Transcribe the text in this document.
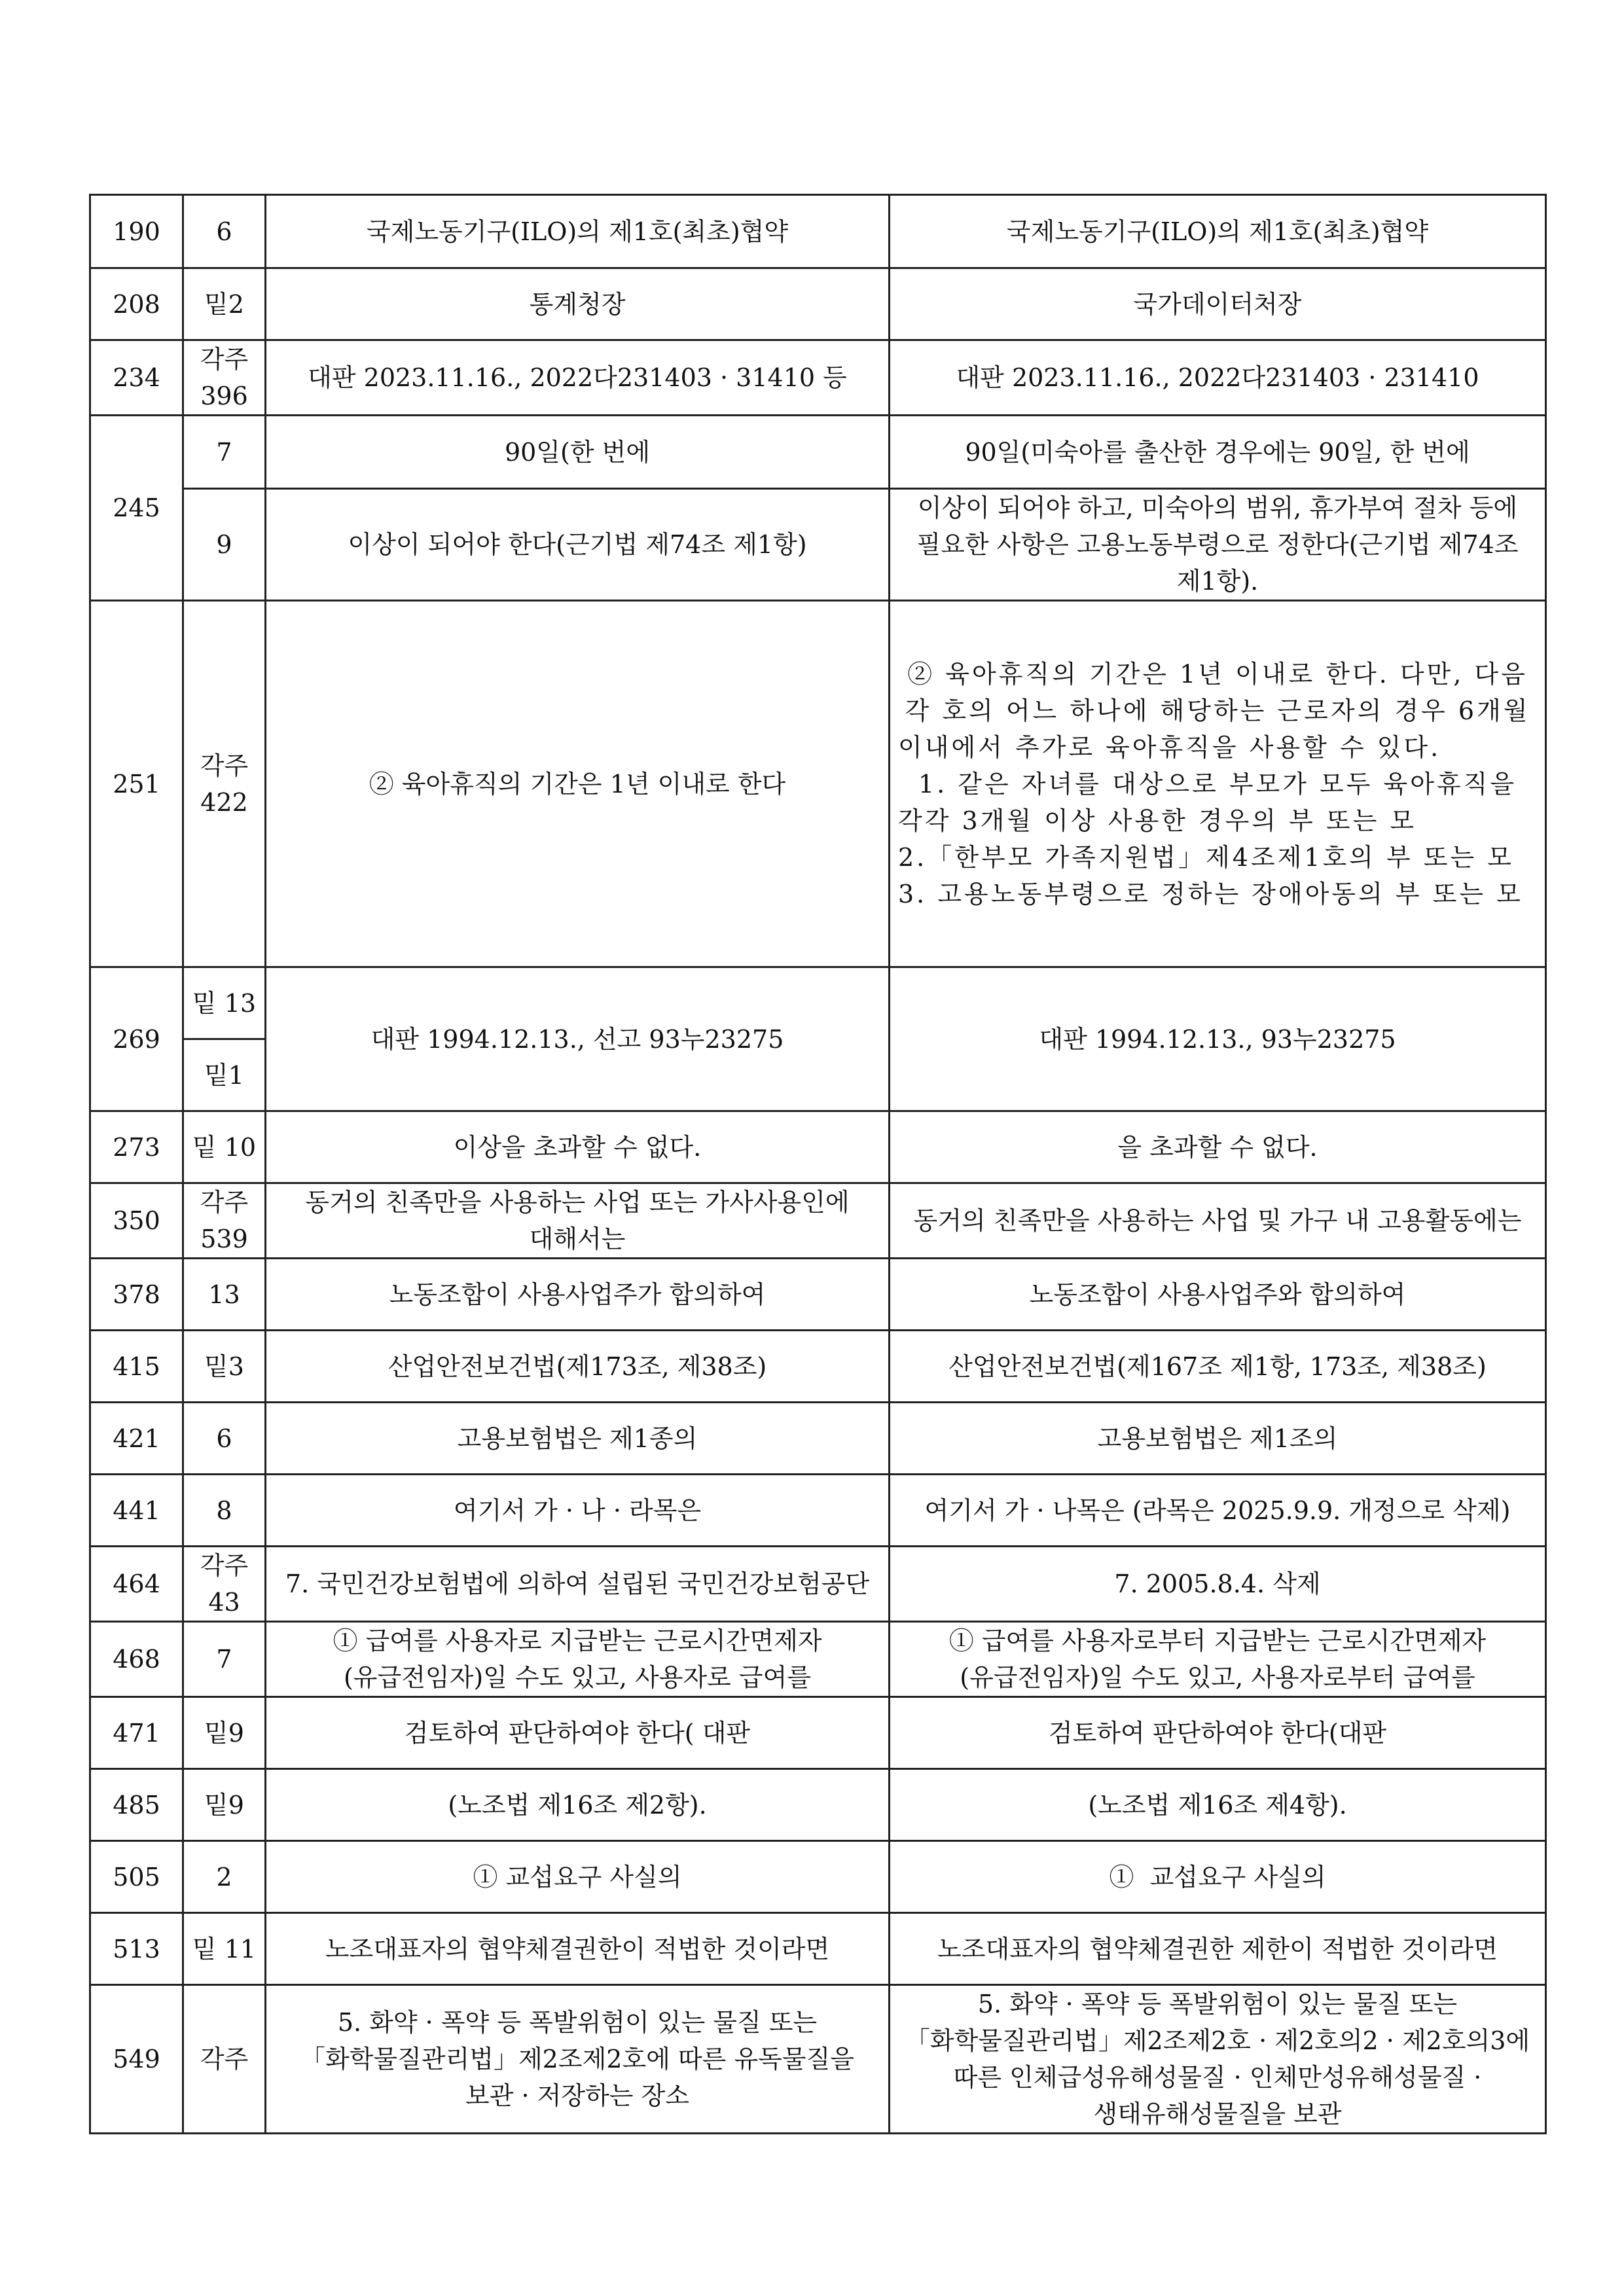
190	6	국제노동기구(ILO)의 제1호(최초)협약	국제노동기구(ILO)의 제1호(최초)협약
208	밑2	통계청장	국가데이터처장
234	각주 396	대판 2023.11.16., 2022다231403 · 31410 등	대판 2023.11.16., 2022다231403 · 231410
245	7	90일(한 번에	90일(미숙아를 출산한 경우에는 90일, 한 번에
	9	이상이 되어야 한다(근기법 제74조 제1항)	이상이 되어야 하고, 미숙아의 범위, 휴가부여 절차 등에 필요한 사항은 고용노동부령으로 정한다(근기법 제74조 제1항).
251	각주 422	② 육아휴직의 기간은 1년 이내로 한다	② 육아휴직의 기간은 1년 이내로 한다. 다만, 다음 각 호의 어느 하나에 해당하는 근로자의 경우 6개월 이내에서 추가로 육아휴직을 사용할 수 있다.
1. 같은 자녀를 대상으로 부모가 모두 육아휴직을 각각 3개월 이상 사용한 경우의 부 또는 모
2.「한부모 가족지원법」제4조제1호의 부 또는 모
3. 고용노동부령으로 정하는 장애아동의 부 또는 모

269	밑 13	대판 1994.12.13., 선고 93누23275	대판 1994.12.13., 93누23275
	밑1		
273	밑 10	이상을 초과할 수 없다.	을 초과할 수 없다.
350	각주 539	동거의 친족만을 사용하는 사업 또는 가사사용인에 대해서는	동거의 친족만을 사용하는 사업 및 가구 내 고용활동에는
378	13	노동조합이 사용사업주가 합의하여	노동조합이 사용사업주와 합의하여
415	밑3	산업안전보건법(제173조, 제38조)	산업안전보건법(제167조 제1항, 173조, 제38조)
421	6	고용보험법은 제1종의	고용보험법은 제1조의
441	8	여기서 가 · 나 · 라목은	여기서 가 · 나목은 (라목은 2025.9.9. 개정으로 삭제)
464	각주 43	7. 국민건강보험법에 의하여 설립된 국민건강보험공단	7. 2005.8.4. 삭제
468	7	① 급여를 사용자로 지급받는 근로시간면제자(유급전임자)일 수도 있고, 사용자로 급여를	① 급여를 사용자로부터 지급받는 근로시간면제자(유급전임자)일 수도 있고, 사용자로부터 급여를
471	밑9	검토하여 판단하여야 한다( 대판	검토하여 판단하여야 한다(대판
485	밑9	(노조법 제16조 제2항).	(노조법 제16조 제4항).
505	2	① 교섭요구 사실의	①  교섭요구 사실의
513	밑 11	노조대표자의 협약체결권한이 적법한 것이라면	노조대표자의 협약체결권한 제한이 적법한 것이라면
549	각주	5. 화약 · 폭약 등 폭발위험이 있는 물질 또는「화학물질관리법」제2조제2호에 따른 유독물질을 보관 · 저장하는 장소	5. 화약 · 폭약 등 폭발위험이 있는 물질 또는「화학물질관리법」제2조제2호 · 제2호의2 · 제2호의3에 따른 인체급성유해성물질 · 인체만성유해성물질 · 생태유해성물질을 보관
